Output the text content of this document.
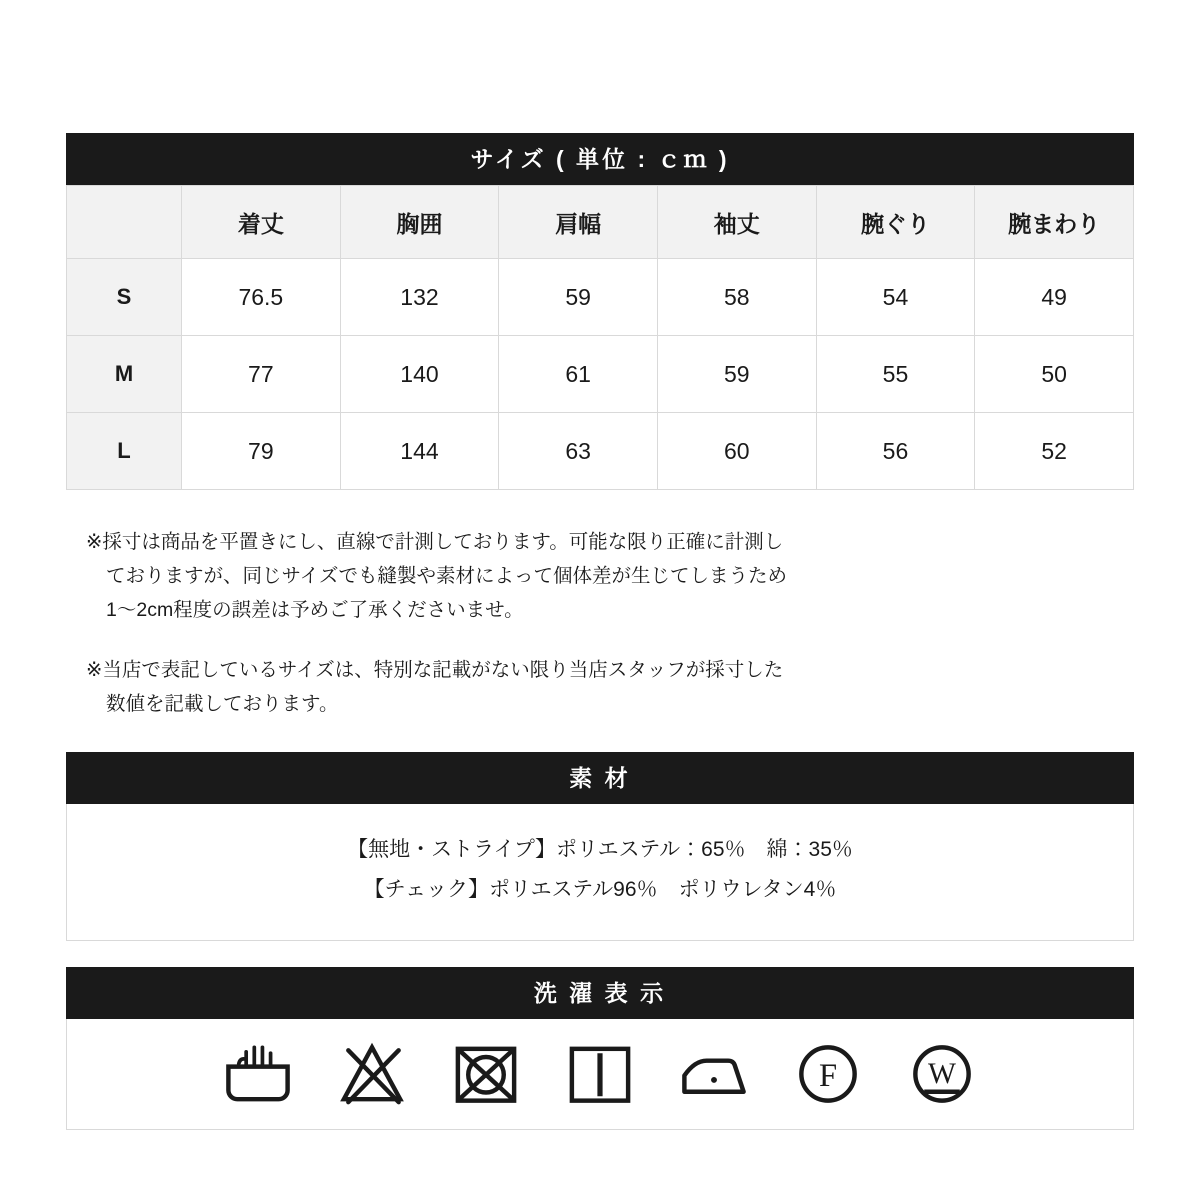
サイズ ( 単位 : ｃｍ )
	着丈	胸囲	肩幅	袖丈	腕ぐり	腕まわり
S	76.5	132	59	58	54	49
M	77	140	61	59	55	50
L	79	144	63	60	56	52

※採寸は商品を平置きにし、直線で計測しております。可能な限り正確に計測し
ておりますが、同じサイズでも縫製や素材によって個体差が生じてしまうため
1〜2cm程度の誤差は予めご了承くださいませ。

※当店で表記しているサイズは、特別な記載がない限り当店スタッフが採寸した
数値を記載しております。

素 材
【無地・ストライプ】ポリエステル：65％　綿：35％
【チェック】ポリエステル96％　ポリウレタン4％
洗 濯 表 示
F W
